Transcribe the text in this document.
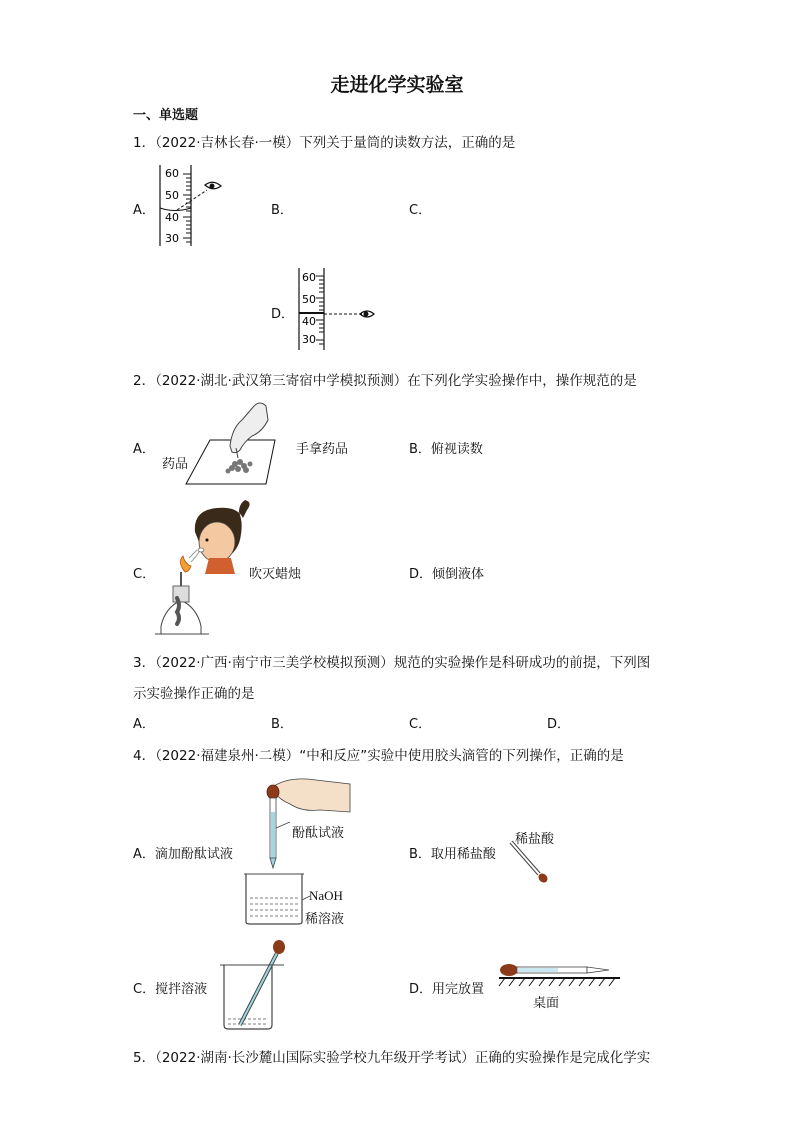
走进化学实验室
一、单选题
1．（2022·吉林长春·一模）下列关于量筒的读数方法，正确的是
A．	B．	C．
D．
60
50
40
30
60
50
40
30
2．（2022·湖北·武汉第三寄宿中学模拟预测）在下列化学实验操作中，操作规范的是
A．	B．俯视读数
C．	D．倾倒液体
手拿药品
药品
吹灭蜡烛
3．（2022·广西·南宁市三美学校模拟预测）规范的实验操作是科研成功的前提，下列图
示实验操作正确的是
A．	B．	C．	D．
4．（2022·福建泉州·二模）“中和反应”实验中使用胶头滴管的下列操作，正确的是
A．滴加酚酞试液	B．取用稀盐酸
C．搅拌溶液	D．用完放置
酚酞试液
NaOH
稀溶液
稀盐酸
桌面
5．（2022·湖南·长沙麓山国际实验学校九年级开学考试）正确的实验操作是完成化学实
